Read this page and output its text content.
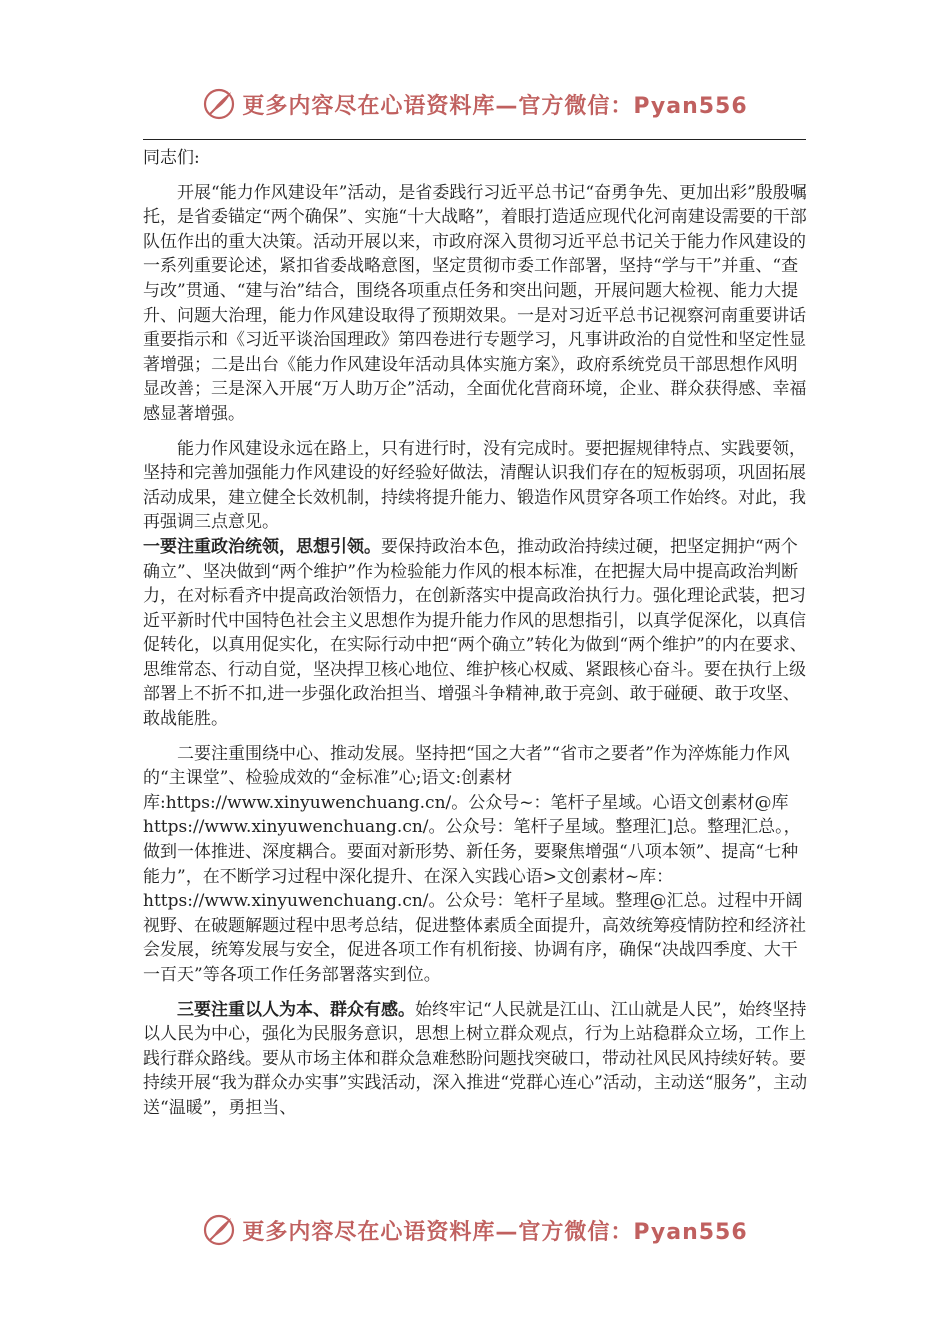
更多内容尽在心语资料库—官方微信：Pyan556

同志们:

开展“能力作风建设年”活动，是省委践行习近平总书记“奋勇争先、更加出彩”殷殷嘱托，是省委锚定“两个确保”、实施“十大战略”，着眼打造适应现代化河南建设需要的干部队伍作出的重大决策。活动开展以来，市政府深入贯彻习近平总书记关于能力作风建设的一系列重要论述，紧扣省委战略意图，坚定贯彻市委工作部署，坚持“学与干”并重、“查与改”贯通、“建与治”结合，围绕各项重点任务和突出问题，开展问题大检视、能力大提升、问题大治理，能力作风建设取得了预期效果。一是对习近平总书记视察河南重要讲话重要指示和《习近平谈治国理政》第四卷进行专题学习，凡事讲政治的自觉性和坚定性显著增强；二是出台《能力作风建设年活动具体实施方案》，政府系统党员干部思想作风明显改善；三是深入开展“万人助万企”活动，全面优化营商环境，企业、群众获得感、幸福感显著增强。

能力作风建设永远在路上，只有进行时，没有完成时。要把握规律特点、实践要领，坚持和完善加强能力作风建设的好经验好做法，清醒认识我们存在的短板弱项，巩固拓展活动成果，建立健全长效机制，持续将提升能力、锻造作风贯穿各项工作始终。对此，我再强调三点意见。

一要注重政治统领，思想引领。要保持政治本色，推动政治持续过硬，把坚定拥护“两个确立”、坚决做到“两个维护”作为检验能力作风的根本标准，在把握大局中提高政治判断力，在对标看齐中提高政治领悟力，在创新落实中提高政治执行力。强化理论武装，把习近平新时代中国特色社会主义思想作为提升能力作风的思想指引，以真学促深化，以真信促转化，以真用促实化，在实际行动中把“两个确立”转化为做到“两个维护”的内在要求、思维常态、行动自觉，坚决捍卫核心地位、维护核心权威、紧跟核心奋斗。要在执行上级部署上不折不扣,进一步强化政治担当、增强斗争精神,敢于亮剑、敢于碰硬、敢于攻坚、敢战能胜。

二要注重围绕中心、推动发展。坚持把“国之大者”“省市之要者”作为淬炼能力作风的“主课堂”、检验成效的“金标准”心;语文:创素材库:https://www.xinyuwenchuang.cn/。公众号~：笔杆子星域。心语文创素材@库https://www.xinyuwenchuang.cn/。公众号：笔杆子星域。整理汇]总。整理汇总。，做到一体推进、深度耦合。要面对新形势、新任务，要聚焦增强“八项本领”、提高“七种能力”，在不断学习过程中深化提升、在深入实践心语>文创素材~库：https://www.xinyuwenchuang.cn/。公众号：笔杆子星域。整理@汇总。过程中开阔视野、在破题解题过程中思考总结，促进整体素质全面提升，高效统筹疫情防控和经济社会发展，统筹发展与安全，促进各项工作有机衔接、协调有序，确保“决战四季度、大干一百天”等各项工作任务部署落实到位。

三要注重以人为本、群众有感。始终牢记“人民就是江山、江山就是人民”，始终坚持以人民为中心，强化为民服务意识，思想上树立群众观点，行为上站稳群众立场，工作上践行群众路线。要从市场主体和群众急难愁盼问题找突破口，带动社风民风持续好转。要持续开展“我为群众办实事”实践活动，深入推进“党群心连心”活动，主动送“服务”，主动送“温暖”，勇担当、

更多内容尽在心语资料库—官方微信：Pyan556
